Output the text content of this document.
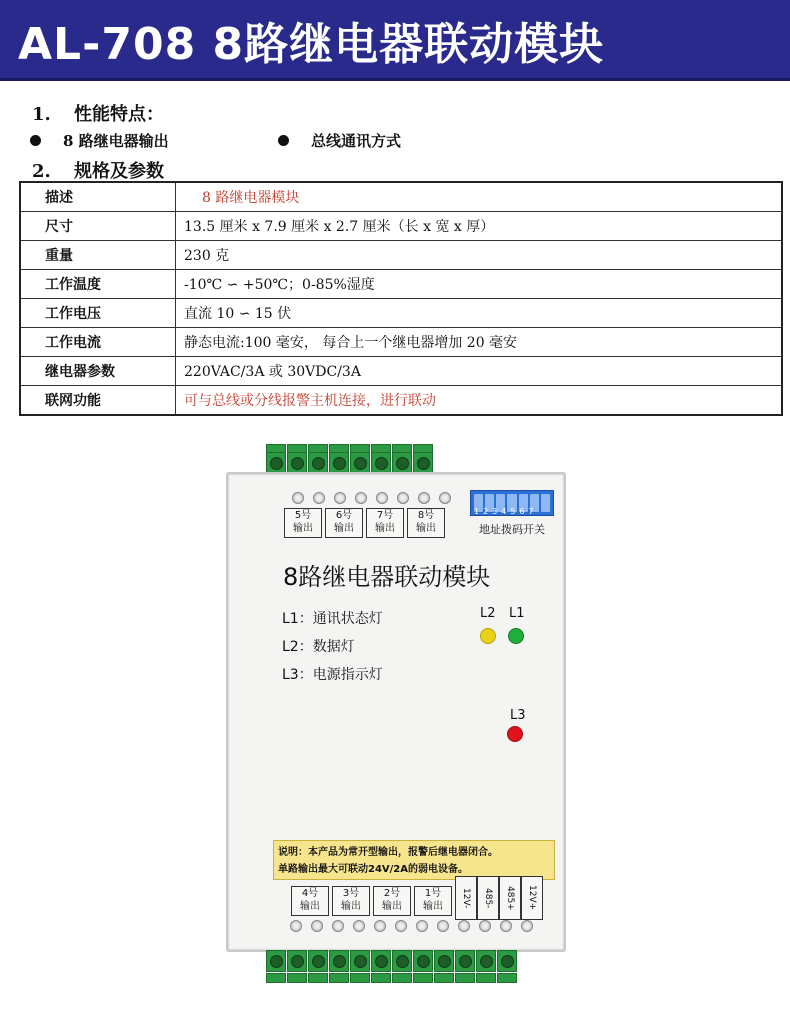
AL-708 8路继电器联动模块
1. 性能特点：
8 路继电器输出	总线通讯方式
2. 规格及参数
描述	8 路继电器模块
尺寸	13.5 厘米 x 7.9 厘米 x 2.7 厘米（长 x 宽 x 厚）
重量	230 克
工作温度	-10℃ ∽ +50℃；0-85%湿度
工作电压	直流 10 ∽ 15 伏
工作电流	静态电流:100 毫安， 每合上一个继电器增加 20 毫安
继电器参数	220VAC/3A 或 30VDC/3A
联网功能	可与总线或分线报警主机连接，进行联动
5号
输出
6号
输出
7号
输出
8号
输出
1234567
地址拨码开关
8路继电器联动模块
L1：通讯状态灯
L2：数据灯
L3：电源指示灯
L2 L1
L3
说明：本产品为常开型输出，报警后继电器闭合。
单路输出最大可联动24V/2A的弱电设备。
4号
输出
3号
输出
2号
输出
1号
输出	12V-	485-	485+	12V+
